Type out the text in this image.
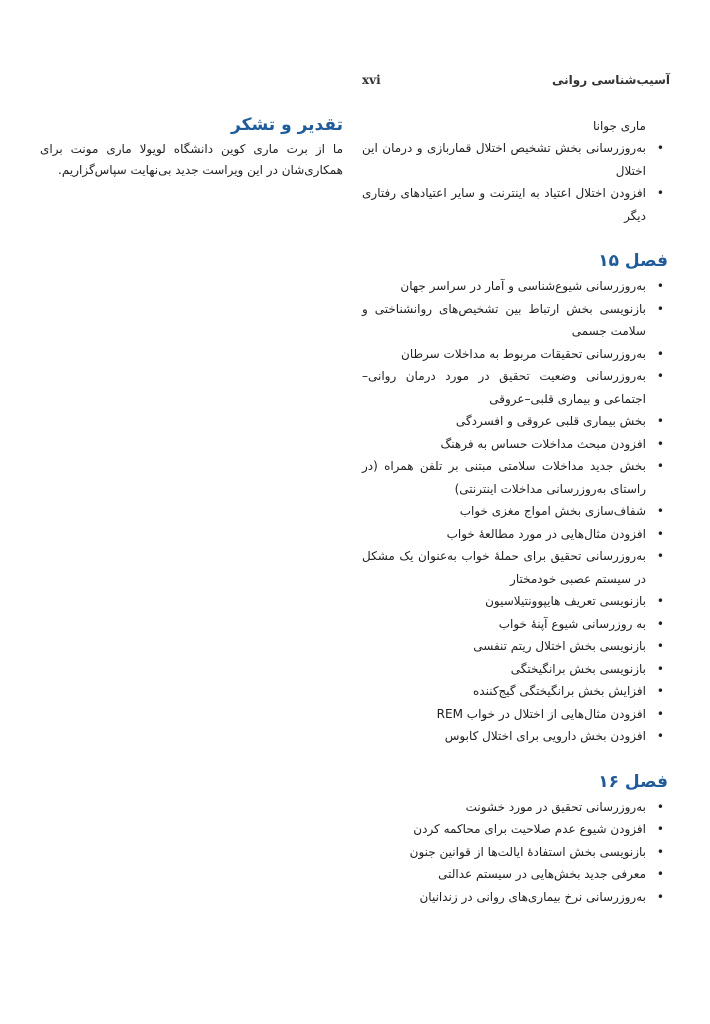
xvi	آسیب‌شناسی روانی
ماری جوانا
•
به‌روزرسانی بخش تشخیص اختلال قماربازی و درمان این اختلال
•
افزودن اختلال اعتیاد به اینترنت و سایر اعتیادهای رفتاری دیگر
فصل ۱۵
•
به‌روزرسانی شیوع‌شناسی و آمار در سراسر جهان
•
بازنویسی بخش ارتباط بین تشخیص‌های روانشناختی و سلامت جسمی
•
به‌روزرسانی تحقیقات مربوط به مداخلات سرطان
•
به‌روزرسانی وضعیت تحقیق در مورد درمان روانی–اجتماعی و بیماری قلبی–عروقی
•
بخش بیماری قلبی عروقی و افسردگی
•
افزودن مبحث مداخلات حساس به فرهنگ
•
بخش جدید مداخلات سلامتی مبتنی بر تلفن همراه (در راستای به‌روزرسانی مداخلات اینترنتی)
•
شفاف‌سازی بخش امواج مغزی خواب
•
افزودن مثال‌هایی در مورد مطالعهٔ خواب
•
به‌روزرسانی تحقیق برای حملهٔ خواب به‌عنوان یک مشکل در سیستم عصبی خودمختار
•
بازنویسی تعریف هایپوونتیلاسیون
•
به روزرسانی شیوع آپنهٔ خواب
•
بازنویسی بخش اختلال ریتم تنفسی
•
بازنویسی بخش برانگیختگی
•
افزایش بخش برانگیختگی گیج‌کننده
•
افزودن مثال‌هایی از اختلال در خواب REM
•
افزودن بخش دارویی برای اختلال کابوس
فصل ۱۶
•
به‌روزرسانی تحقیق در مورد خشونت
•
افزودن شیوع عدم صلاحیت برای محاکمه کردن
•
بازنویسی بخش استفادهٔ ایالت‌ها از قوانین جنون
•
معرفی جدید بخش‌هایی در سیستم عدالتی
•
به‌روزرسانی نرخ بیماری‌های روانی در زندانیان
تقدیر و تشکر
ما از برت ماری کوین دانشگاه لویولا ماری مونت برای همکاری‌شان در این ویراست جدید بی‌نهایت سپاس‌گزاریم.
